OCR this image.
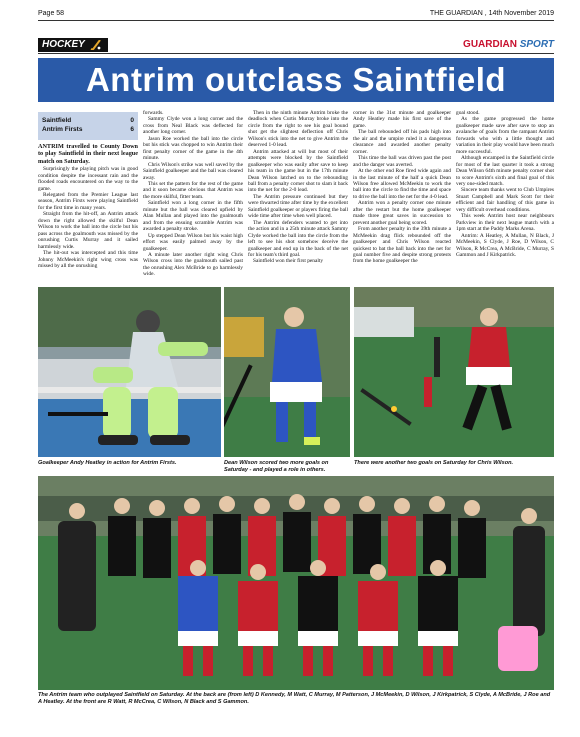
Page 58	THE GUARDIAN , 14th November 2019
HOCKEY	GUARDIAN SPORT
Antrim outclass Saintfield
Saintfield	0
Antrim Firsts	6

ANTRIM travelled to County Down to play Saintfield in their next league match on Saturday.

Surprisingly the playing pitch was in good condition despite the incessant rain and the flooded roads encountered on the way to the game.

Relegated from the Premier League last season, Antrim Firsts were playing Saintfield for the first time in many years.

Straight from the hit-off, an Antrim attack down the right allowed the skilful Dean Wilson to work the ball into the circle but his pass across the goalmouth was missed by the onrushing Curtis Murray and it sailed harmlessly wide.

The hit-out was intercepted and this time Johnny McMeekin's right wing cross was missed by all the onrushing

forwards.

Sammy Clyde won a long corner and the cross from Neal Black was deflected for another long corner.

Jason Roe worked the ball into the circle but his stick was chopped to win Antrim their first penalty corner of the game in the 4th minute.

Chris Wilson's strike was well saved by the Saintfield goalkeeper and the ball was cleared away.

This set the pattern for the rest of the game and it soon became obvious that Antrim was the more skilful, fitter team.

Saintfield won a long corner in the fifth minute but the ball was cleared upfield by Alan Mullan and played into the goalmouth and from the ensuing scramble Antrim was awarded a penalty stroke.

Up stepped Dean Wilson but his waist high effort was easily palmed away by the goalkeeper.

A minute later another right wing Chris Wilson cross into the goalmouth sailed past the onrushing Alex McBride to go harmlessly wide.

Then in the ninth minute Antrim broke the deadlock when Curtis Murray broke into the circle from the right to see his goal bound shot get the slightest deflection off Chris Wilson's stick into the net to give Antrim the deserved 1-0 lead.

Antrim attacked at will but most of their attempts were blocked by the Saintfield goalkeeper who was easily after save to keep his team in the game but in the 17th minute Dean Wilson latched on to the rebounding ball from a penalty corner shot to slam it back into the net for the 2-0 lead.

The Antrim pressure continued but they were thwarted time after time by the excellent Saintfield goalkeeper or players firing the ball wide time after time when well placed.

The Antrim defenders wanted to get into the action and in a 25th minute attack Sammy Clyde worked the ball into the circle from the left to see his shot somehow deceive the goalkeeper and end up in the back of the net for his team's third goal.

Saintfield won their first penalty

corner in the 31st minute and goalkeeper Andy Heatley made his first save of the game.

The ball rebounded off his pads high into the air and the umpire ruled it a dangerous clearance and awarded another penalty corner.

This time the ball was driven past the post and the danger was averted.

At the other end Roe fired wide again and in the last minute of the half a quick Dean Wilson free allowed McMeekin to work the ball into the circle to find the time and space to drive the ball into the net for the 4-0 lead.

Antrim won a penalty corner one minute after the restart but the home goalkeeper made three great saves in succession to prevent another goal being scored.

From another penalty in the 39th minute a McMeekin drag flick rebounded off the goalkeeper and Chris Wilson reacted quickest to bat the ball back into the net for goal number five and despite strong protests from the home goalkeeper the

goal stood.

As the game progressed the home goalkeeper made save after save to stop an avalanche of goals from the rampant Antrim forwards who with a little thought and variation in their play would have been much more successful.

Although encamped in the Saintfield circle for most of the last quarter it took a strong Dean Wilson 64th minute penalty corner shot to score Antrim's sixth and final goal of this very one-sided match.

Sincere team thanks went to Club Umpires Stuart Campbell and Mark Scott for their efficient and fair handling of this game in very difficult overhead conditions.

This week Antrim host near neighbours Parkview in their next league match with a 1pm start at the Paddy Marks Arena.

Antrim: A Heatley, A Mullan, N Black, J McMeekin, S Clyde, J Roe, D Wilson, C Wilson, R McCrea, A McBride, C Murray, S Gammon and J Kirkpatrick.

Goalkeeper Andy Heatley in action for Antrim Firsts.	Dean Wilson scored two more goals on Saturday - and played a role in others.
There were another two goals on Saturday for Chris Wilson.
The Antrim team who outplayed Saintfield on Saturday. At the back are (from left) D Kennedy, M Watt, C Murray, M Patterson, J McMeekin, D Wilson, J Kirkpatrick, S Clyde, A McBride, J Roe and A Heatley. At the front are R Watt, R McCrea, C Wilson, N Black and S Gammon.
